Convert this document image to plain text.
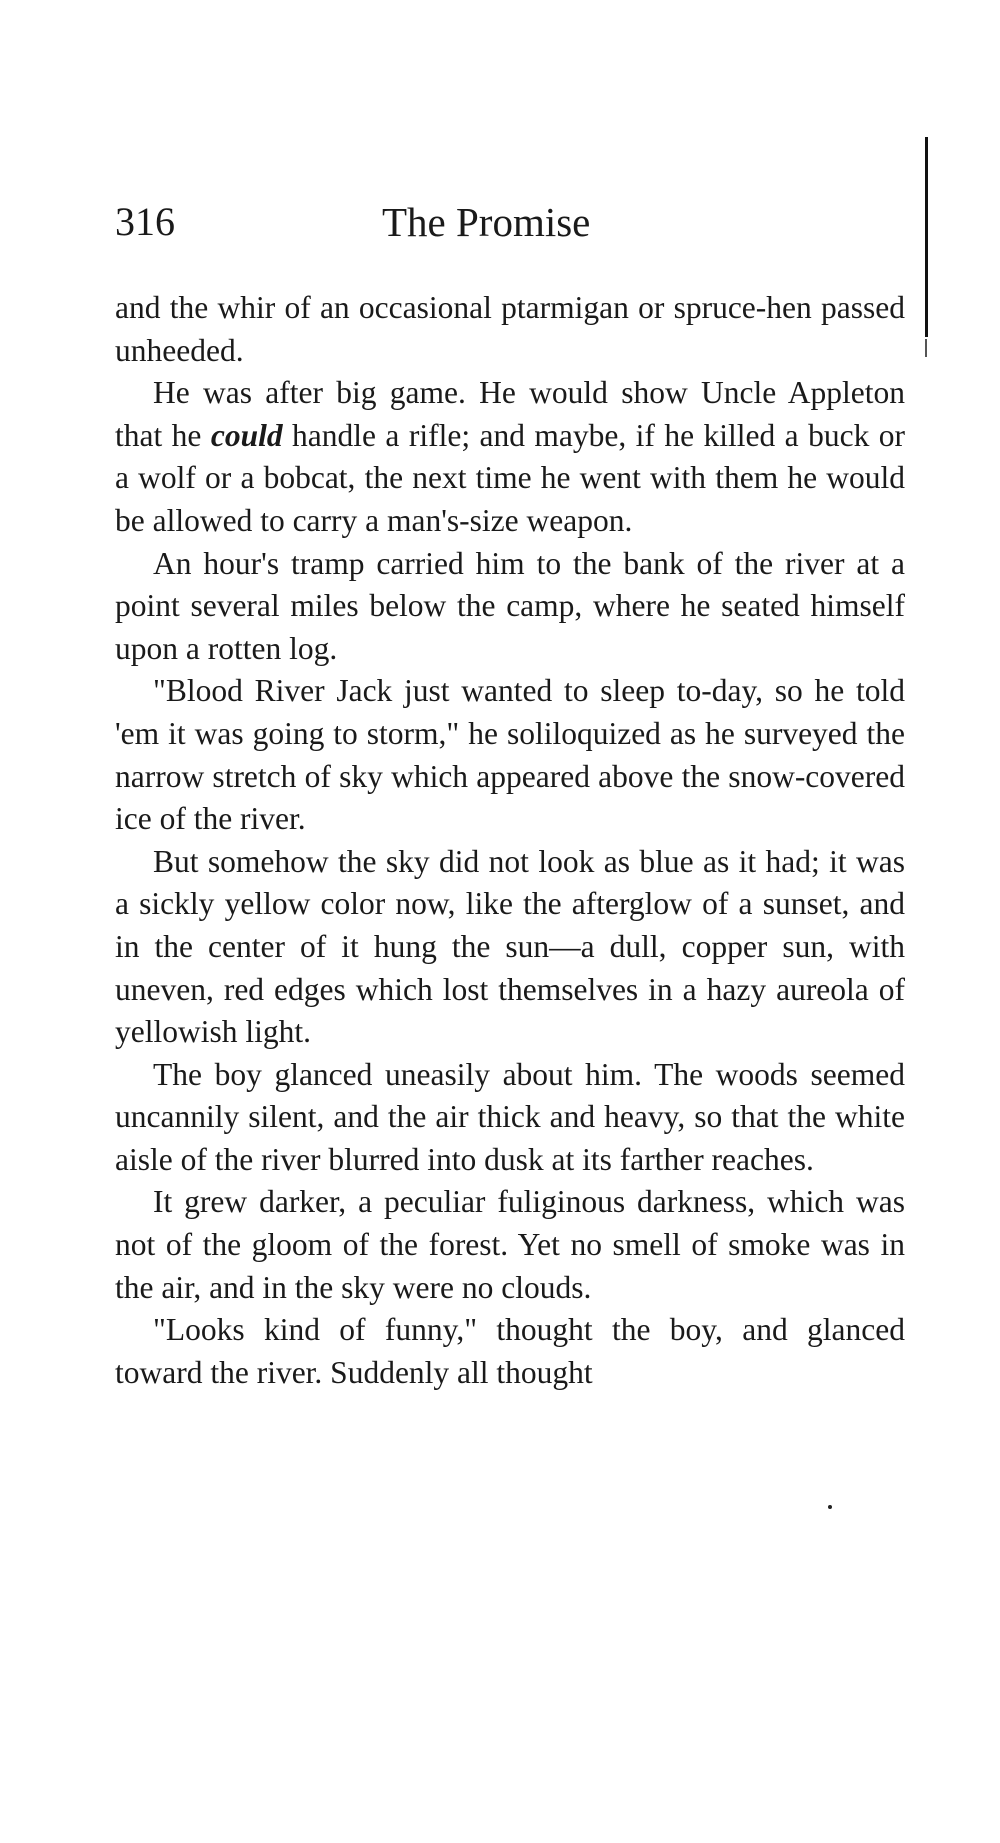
316	The Promise

and the whir of an occasional ptarmigan or spruce-hen passed unheeded.

He was after big game. He would show Uncle Appleton that he could handle a rifle; and maybe, if he killed a buck or a wolf or a bobcat, the next time he went with them he would be allowed to carry a man's-size weapon.

An hour's tramp carried him to the bank of the river at a point several miles below the camp, where he seated himself upon a rotten log.

"Blood River Jack just wanted to sleep to-day, so he told 'em it was going to storm," he soliloquized as he surveyed the narrow stretch of sky which appeared above the snow-covered ice of the river.

But somehow the sky did not look as blue as it had; it was a sickly yellow color now, like the afterglow of a sunset, and in the center of it hung the sun—a dull, copper sun, with uneven, red edges which lost themselves in a hazy aureola of yellowish light.

The boy glanced uneasily about him. The woods seemed uncannily silent, and the air thick and heavy, so that the white aisle of the river blurred into dusk at its farther reaches.

It grew darker, a peculiar fuliginous darkness, which was not of the gloom of the forest. Yet no smell of smoke was in the air, and in the sky were no clouds.

"Looks kind of funny," thought the boy, and glanced toward the river. Suddenly all thought
